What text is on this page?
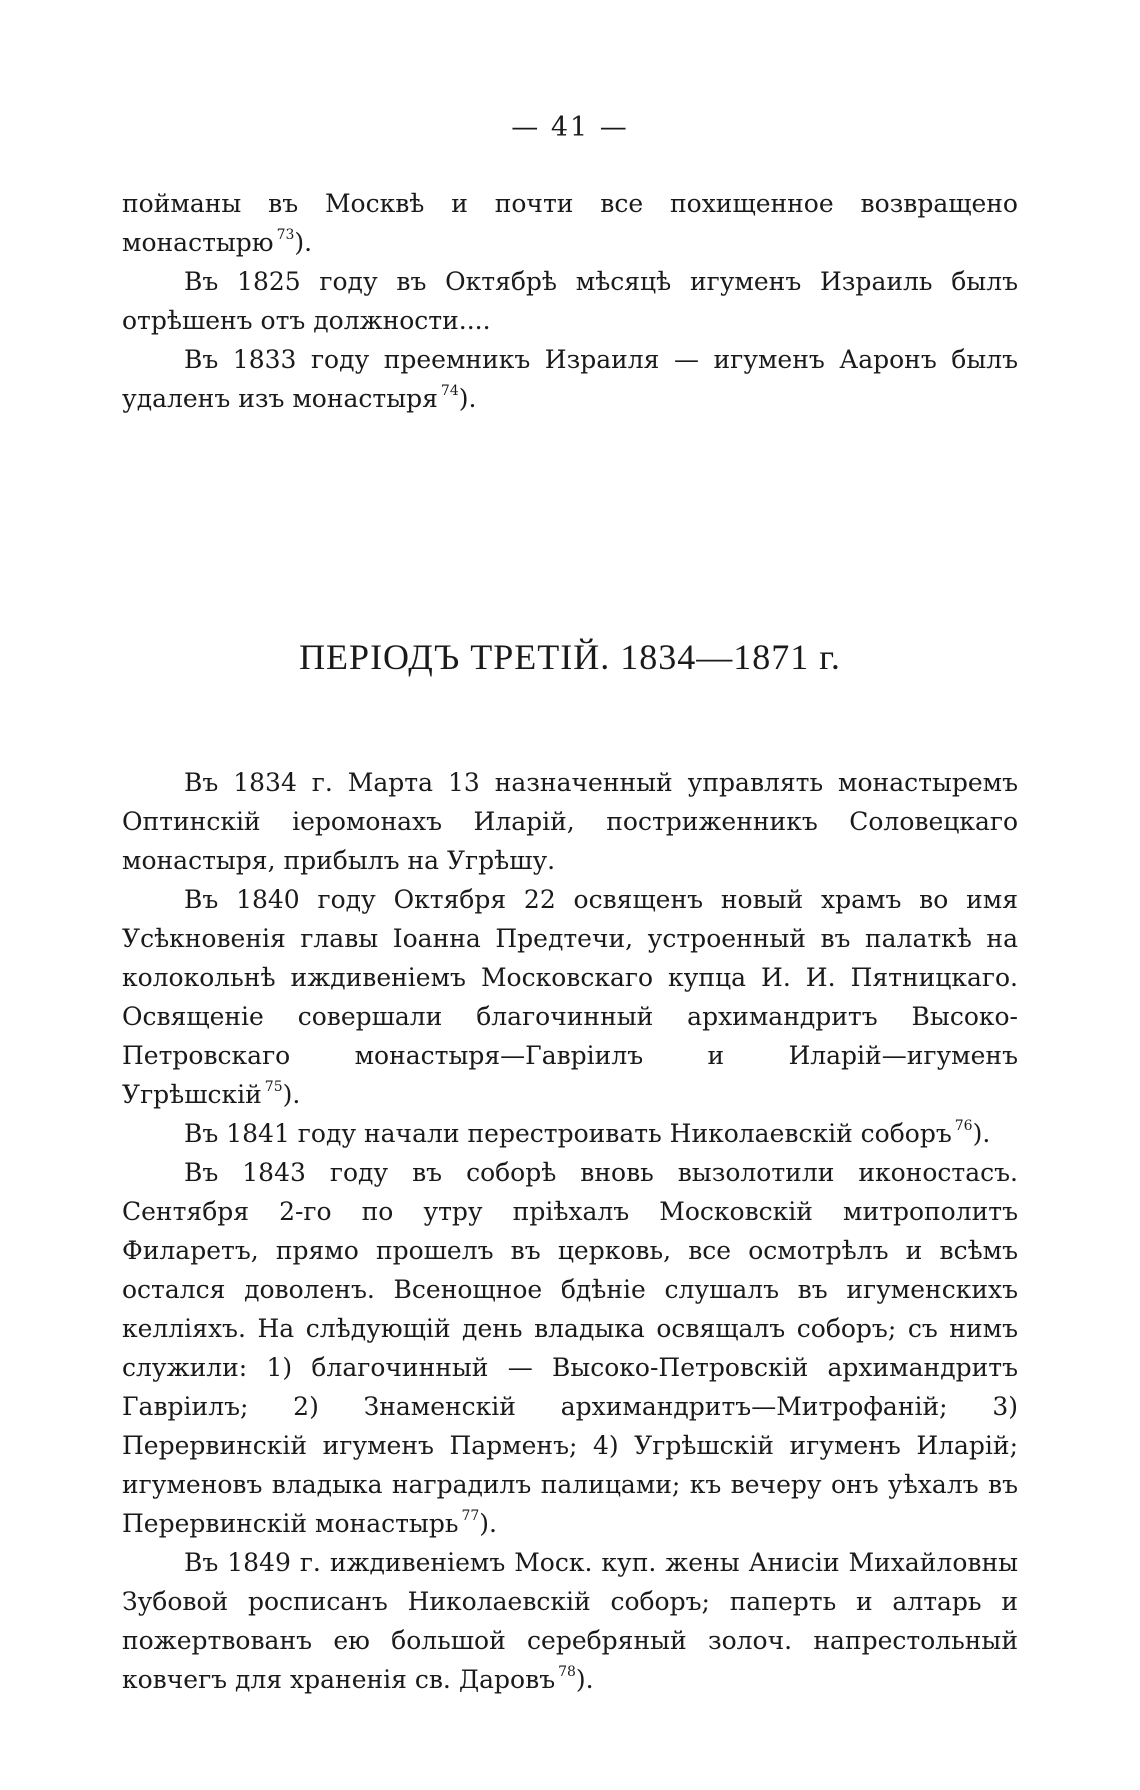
— 41 —

пойманы въ Москвѣ и почти все похищенное возвращено монастырю $^{73}$).

Въ 1825 году въ Октябрѣ мѣсяцѣ игуменъ Израиль былъ отрѣшенъ отъ должности....

Въ 1833 году преемникъ Израиля — игуменъ Аaронъ былъ удаленъ изъ монастыря $^{74}$).

ПЕРІОДЪ ТРЕТІЙ. 1834—1871 г.

Въ 1834 г. Марта 13 назначенный управлять монастыремъ Оптинскій іеромонахъ Иларій, постриженникъ Соловецкаго монастыря, прибылъ на Угрѣшу.

Въ 1840 году Октября 22 освященъ новый храмъ во имя Усѣкновенія главы Іоанна Предтечи, устроенный въ палаткѣ на колокольнѣ иждивеніемъ Московскаго купца И. И. Пятницкаго. Освященіе совершали благочинный архимандритъ Высоко-Петровскаго монастыря—Гавріилъ и Иларій—игуменъ Угрѣшскій $^{75}$).

Въ 1841 году начали перестроивать Николаевскій соборъ $^{76}$).

Въ 1843 году въ соборѣ вновь вызолотили иконостасъ. Сентября 2-го по утру пріѣхалъ Московскій митрополитъ Филаретъ, прямо прошелъ въ церковь, все осмотрѣлъ и всѣмъ остался доволенъ. Всенощное бдѣніе слушалъ въ игуменскихъ келліяхъ. На слѣдующій день владыка освящалъ соборъ; съ нимъ служили: 1) благочинный — Высоко-Петровскій архимандритъ Гавріилъ; 2) Знаменскій архимандритъ—Митрофаній; 3) Перервинскій игуменъ Парменъ; 4) Угрѣшскій игуменъ Иларій; игуменовъ владыка наградилъ палицами; къ вечеру онъ уѣхалъ въ Перервинскій монастырь $^{77}$).

Въ 1849 г. иждивеніемъ Моск. куп. жены Анисіи Михайловны Зубовой росписанъ Николаевскій соборъ; паперть и алтарь и пожертвованъ ею большой серебряный золоч. напрестольный ковчегъ для храненія св. Даровъ $^{78}$).
